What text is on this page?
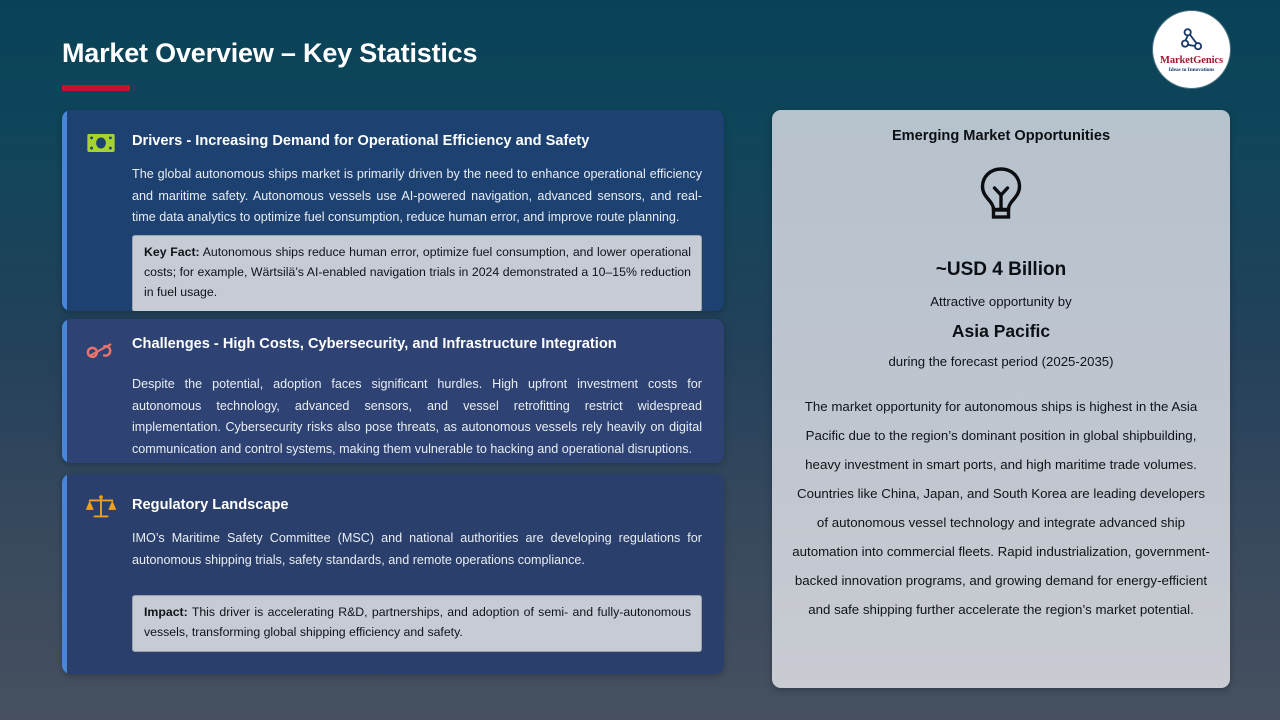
Market Overview – Key Statistics	MarketGenics
Ideas to Innovations
Drivers - Increasing Demand for Operational Efficiency and Safety
The global autonomous ships market is primarily driven by the need to enhance operational efficiency and maritime safety. Autonomous vessels use AI-powered navigation, advanced sensors, and real-time data analytics to optimize fuel consumption, reduce human error, and improve route planning.
Key Fact: Autonomous ships reduce human error, optimize fuel consumption, and lower operational costs; for example, Wärtsilä’s AI-enabled navigation trials in 2024 demonstrated a 10–15% reduction in fuel usage.
Challenges - High Costs, Cybersecurity, and Infrastructure Integration
Despite the potential, adoption faces significant hurdles. High upfront investment costs for autonomous technology, advanced sensors, and vessel retrofitting restrict widespread implementation. Cybersecurity risks also pose threats, as autonomous vessels rely heavily on digital communication and control systems, making them vulnerable to hacking and operational disruptions.
Regulatory Landscape
IMO’s Maritime Safety Committee (MSC) and national authorities are developing regulations for autonomous shipping trials, safety standards, and remote operations compliance.
Impact: This driver is accelerating R&D, partnerships, and adoption of semi- and fully-autonomous vessels, transforming global shipping efficiency and safety.
Emerging Market Opportunities
~USD 4 Billion
Attractive opportunity by
Asia Pacific
during the forecast period (2025-2035)
The market opportunity for autonomous ships is highest in the Asia Pacific due to the region’s dominant position in global shipbuilding, heavy investment in smart ports, and high maritime trade volumes. Countries like China, Japan, and South Korea are leading developers of autonomous vessel technology and integrate advanced ship automation into commercial fleets. Rapid industrialization, government-backed innovation programs, and growing demand for energy-efficient and safe shipping further accelerate the region’s market potential.
